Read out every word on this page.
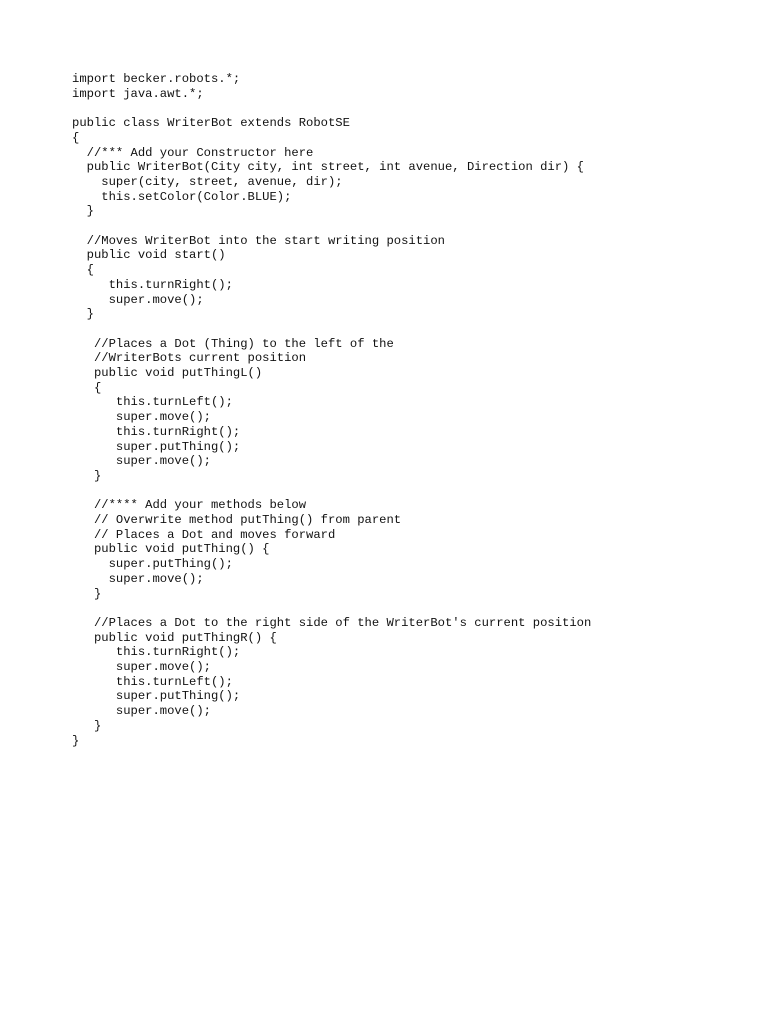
import becker.robots.*;
import java.awt.*;
public class WriterBot extends RobotSE
{
//*** Add your Constructor here
public WriterBot(City city, int street, int avenue, Direction dir) {
super(city, street, avenue, dir);
this.setColor(Color.BLUE);
}
//Moves WriterBot into the start writing position
public void start()
{
this.turnRight();
super.move();
}
//Places a Dot (Thing) to the left of the
//WriterBots current position
public void putThingL()
{
this.turnLeft();
super.move();
this.turnRight();
super.putThing();
super.move();
}
//**** Add your methods below
// Overwrite method putThing() from parent
// Places a Dot and moves forward
public void putThing() {
super.putThing();
super.move();
}
//Places a Dot to the right side of the WriterBot's current position
public void putThingR() {
this.turnRight();
super.move();
this.turnLeft();
super.putThing();
super.move();
}
}
